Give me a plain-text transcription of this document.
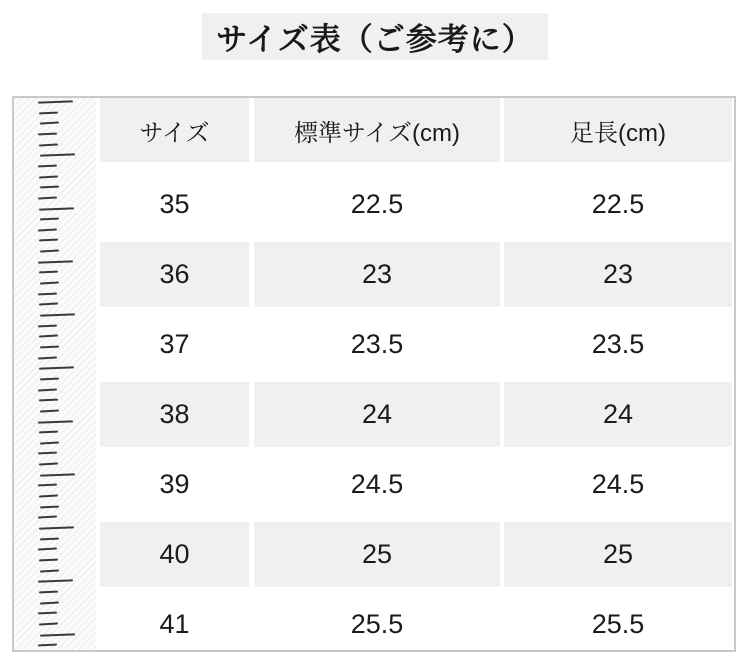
サイズ表（ご参考に）
サイズ	標準サイズ(cm)	足長(cm)
35	22.5	22.5
36	23	23
37	23.5	23.5
38	24	24
39	24.5	24.5
40	25	25
41	25.5	25.5
